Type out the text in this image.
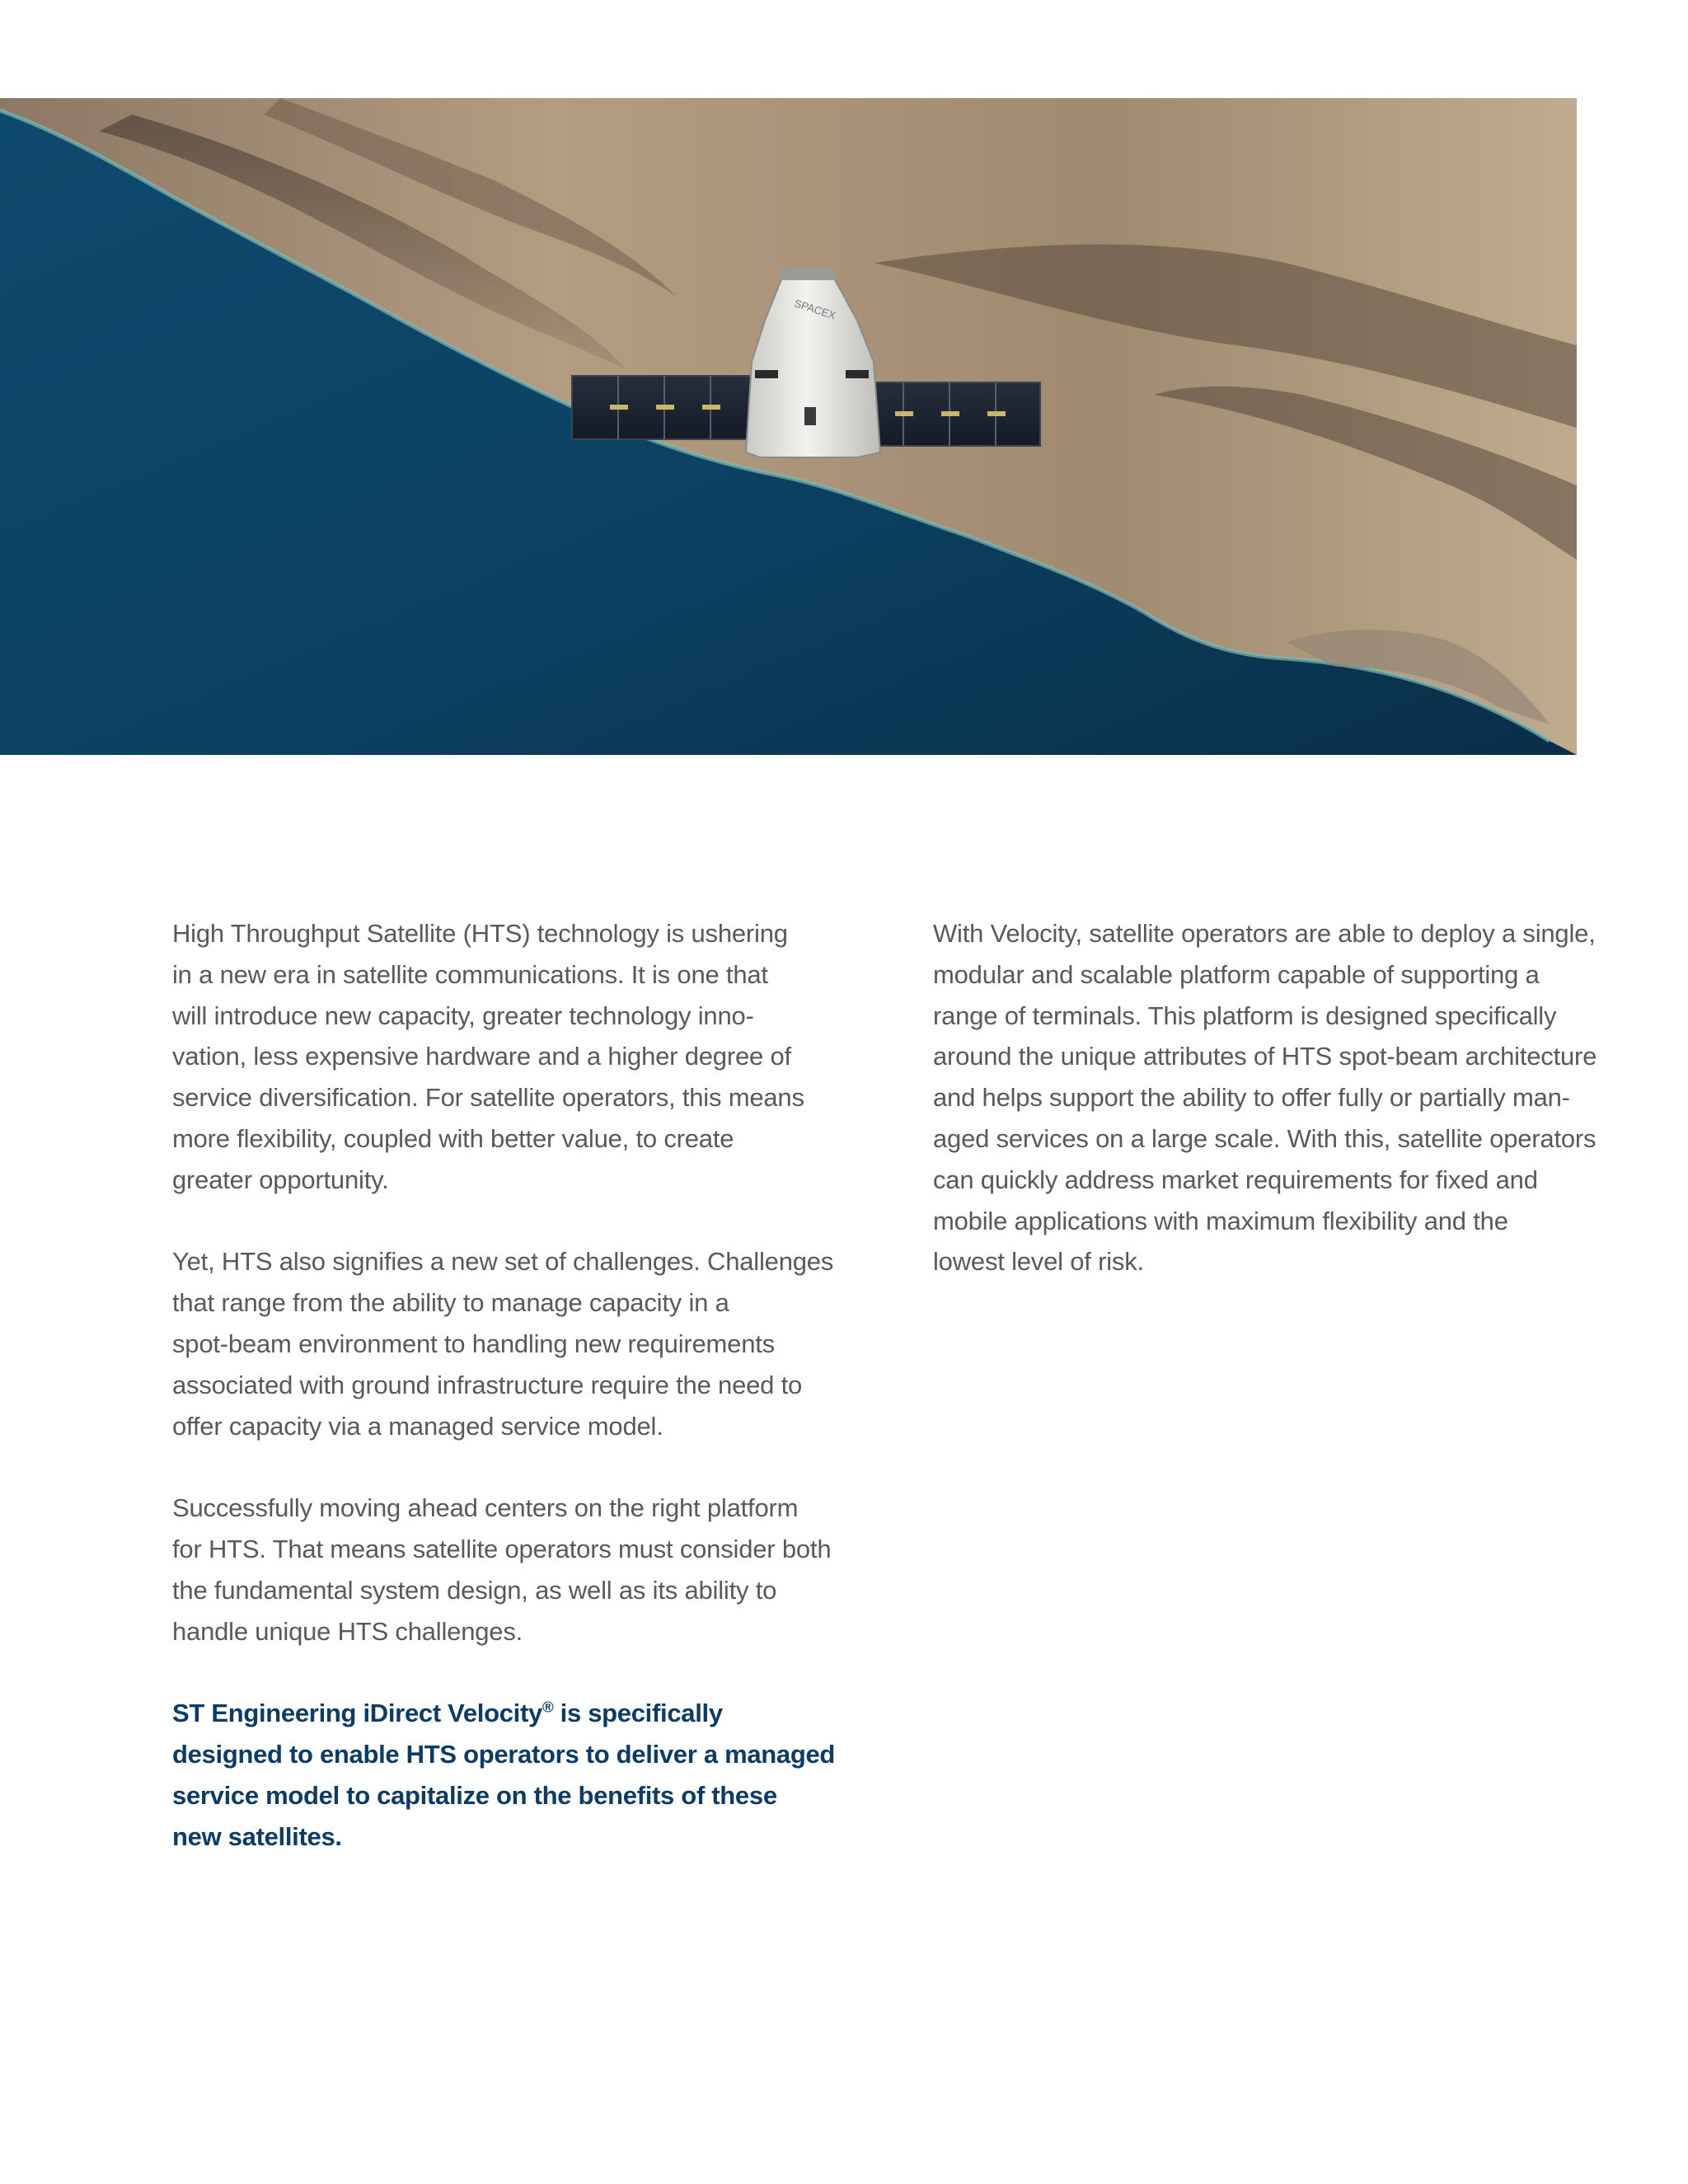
SPACEX
High Throughput Satellite (HTS) technology is ushering
in a new era in satellite communications. It is one that
will introduce new capacity, greater technology inno-
vation, less expensive hardware and a higher degree of
service diversification. For satellite operators, this means
more flexibility, coupled with better value, to create
greater opportunity.
Yet, HTS also signifies a new set of challenges. Challenges
that range from the ability to manage capacity in a
spot-beam environment to handling new requirements
associated with ground infrastructure require the need to
offer capacity via a managed service model.
Successfully moving ahead centers on the right platform
for HTS. That means satellite operators must consider both
the fundamental system design, as well as its ability to
handle unique HTS challenges.
ST Engineering iDirect Velocity® is specifically
designed to enable HTS operators to deliver a managed
service model to capitalize on the benefits of these
new satellites.
With Velocity, satellite operators are able to deploy a single,
modular and scalable platform capable of supporting a
range of terminals. This platform is designed specifically
around the unique attributes of HTS spot-beam architecture
and helps support the ability to offer fully or partially man-
aged services on a large scale. With this, satellite operators
can quickly address market requirements for fixed and
mobile applications with maximum flexibility and the
lowest level of risk.
